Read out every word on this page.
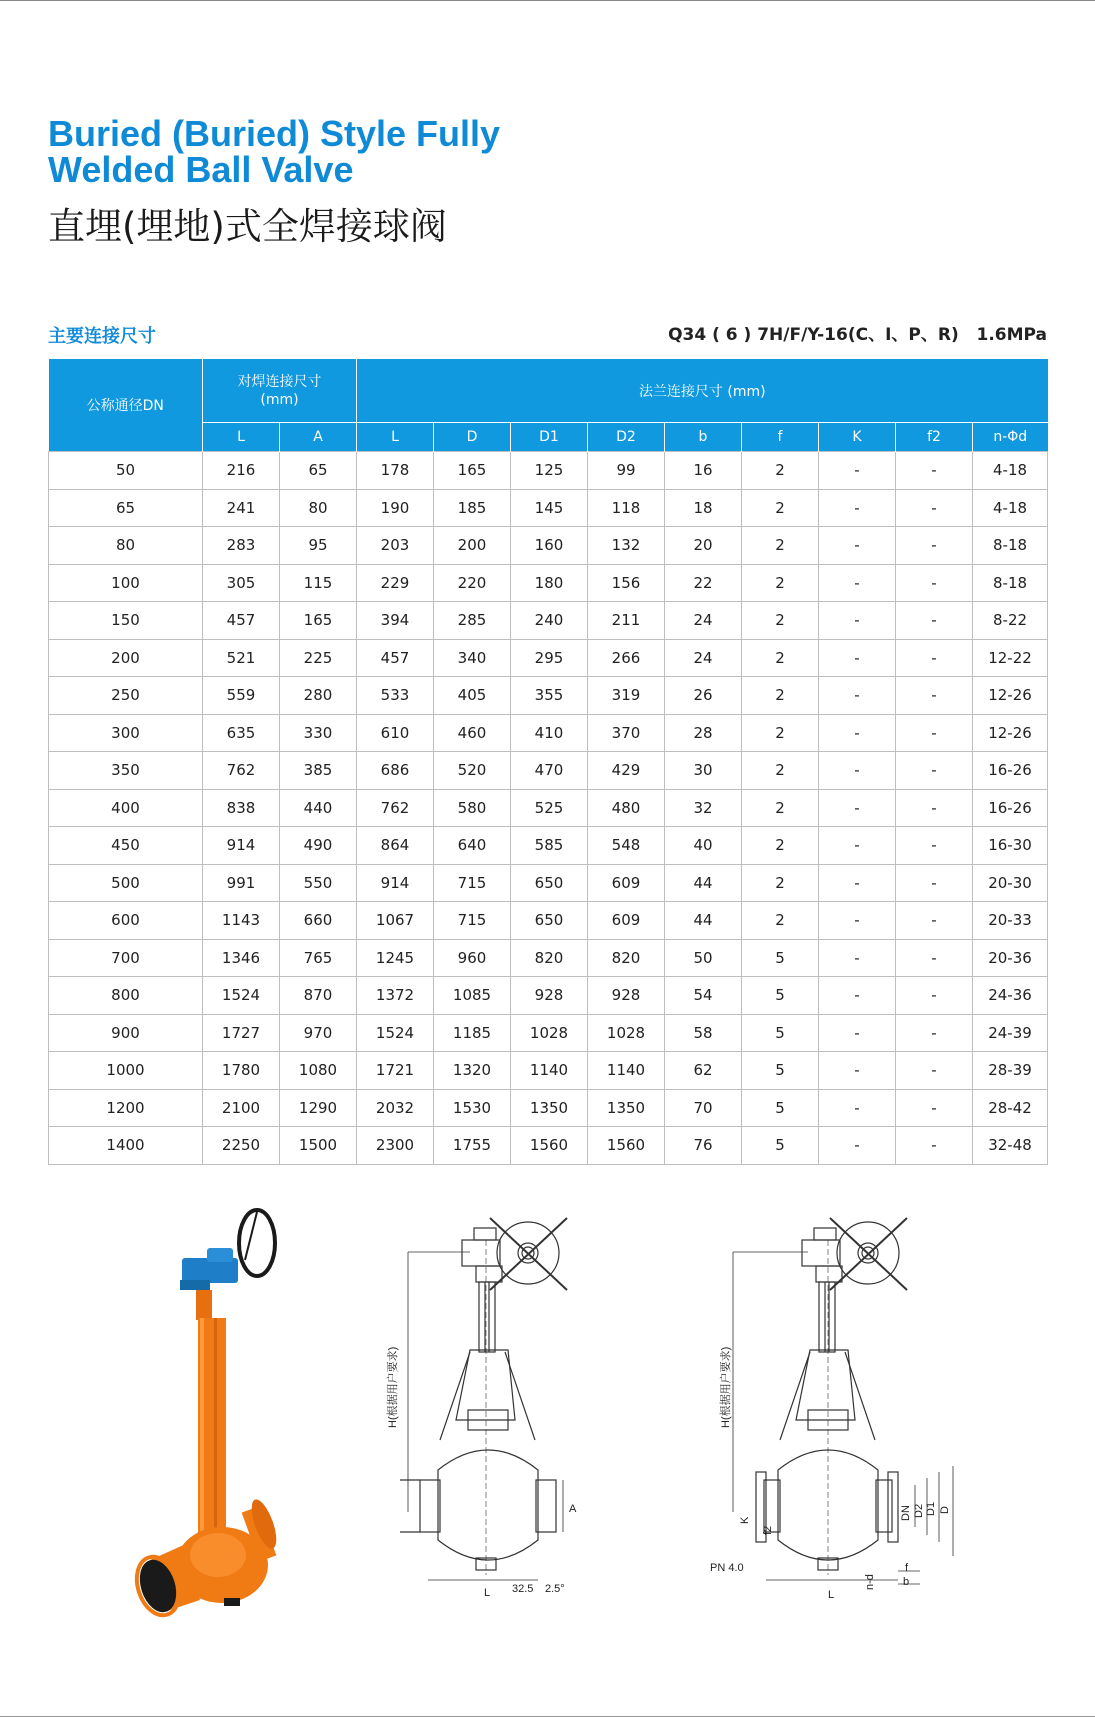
Buried (Buried) Style Fully Welded Ball Valve
直埋(埋地)式全焊接球阀
主要连接尺寸	Q34 ( 6 ) 7H/F/Y-16(C、I、P、R)   1.6MPa
公称通径DN	对焊连接尺寸
(mm)		法兰连接尺寸 (mm)								
	L	A	L	D	D1	D2	b	f	K	f2	n-Φd
50	216	65	178	165	125	99	16	2	-	-	4-18
65	241	80	190	185	145	118	18	2	-	-	4-18
80	283	95	203	200	160	132	20	2	-	-	8-18
100	305	115	229	220	180	156	22	2	-	-	8-18
150	457	165	394	285	240	211	24	2	-	-	8-22
200	521	225	457	340	295	266	24	2	-	-	12-22
250	559	280	533	405	355	319	26	2	-	-	12-26
300	635	330	610	460	410	370	28	2	-	-	12-26
350	762	385	686	520	470	429	30	2	-	-	16-26
400	838	440	762	580	525	480	32	2	-	-	16-26
450	914	490	864	640	585	548	40	2	-	-	16-30
500	991	550	914	715	650	609	44	2	-	-	20-30
600	1143	660	1067	715	650	609	44	2	-	-	20-33
700	1346	765	1245	960	820	820	50	5	-	-	20-36
800	1524	870	1372	1085	928	928	54	5	-	-	24-36
900	1727	970	1524	1185	1028	1028	58	5	-	-	24-39
1000	1780	1080	1721	1320	1140	1140	62	5	-	-	28-39
1200	2100	1290	2032	1530	1350	1350	70	5	-	-	28-42
1400	2250	1500	2300	1755	1560	1560	76	5	-	-	32-48
H(根据用户要求)
L
A
32.5 2.5°
H(根据用户要求)
PN 4.0
L
K
f2
DN D2 D1 D
n-d
f
b
